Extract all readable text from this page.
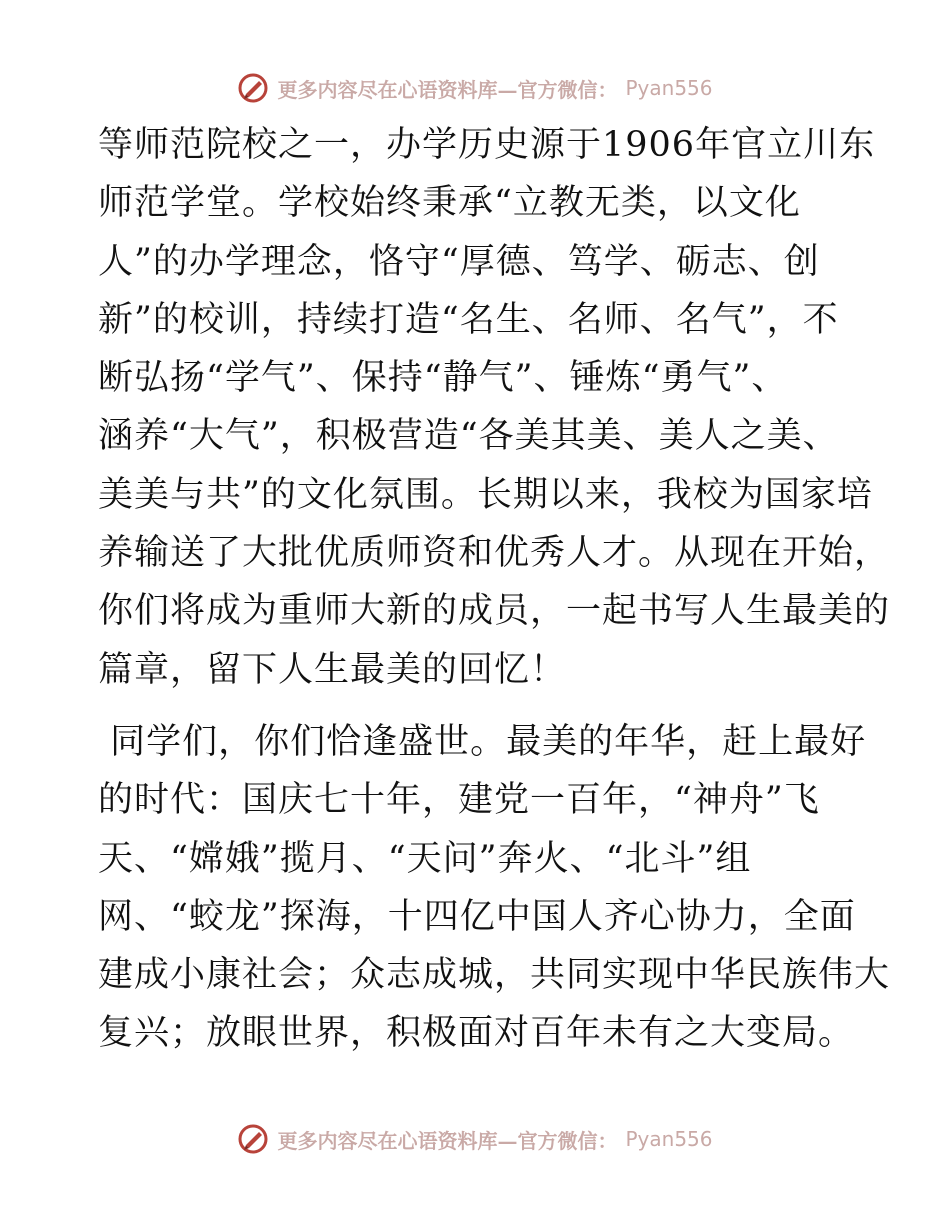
更多内容尽在心语资料库—官方微信： Pyan556

等师范院校之一，办学历史源于1906年官立川东
师范学堂。学校始终秉承“立教无类，以文化
人”的办学理念，恪守“厚德、笃学、砺志、创
新”的校训，持续打造“名生、名师、名气”，不
断弘扬“学气”、保持“静气”、锤炼“勇气”、
涵养“大气”，积极营造“各美其美、美人之美、
美美与共”的文化氛围。长期以来，我校为国家培
养输送了大批优质师资和优秀人才。从现在开始，
你们将成为重师大新的成员，一起书写人生最美的
篇章，留下人生最美的回忆！

同学们，你们恰逢盛世。最美的年华，赶上最好
的时代：国庆七十年，建党一百年，“神舟”飞
天、“嫦娥”揽月、“天问”奔火、“北斗”组
网、“蛟龙”探海，十四亿中国人齐心协力，全面
建成小康社会；众志成城，共同实现中华民族伟大
复兴；放眼世界，积极面对百年未有之大变局。

更多内容尽在心语资料库—官方微信： Pyan556
